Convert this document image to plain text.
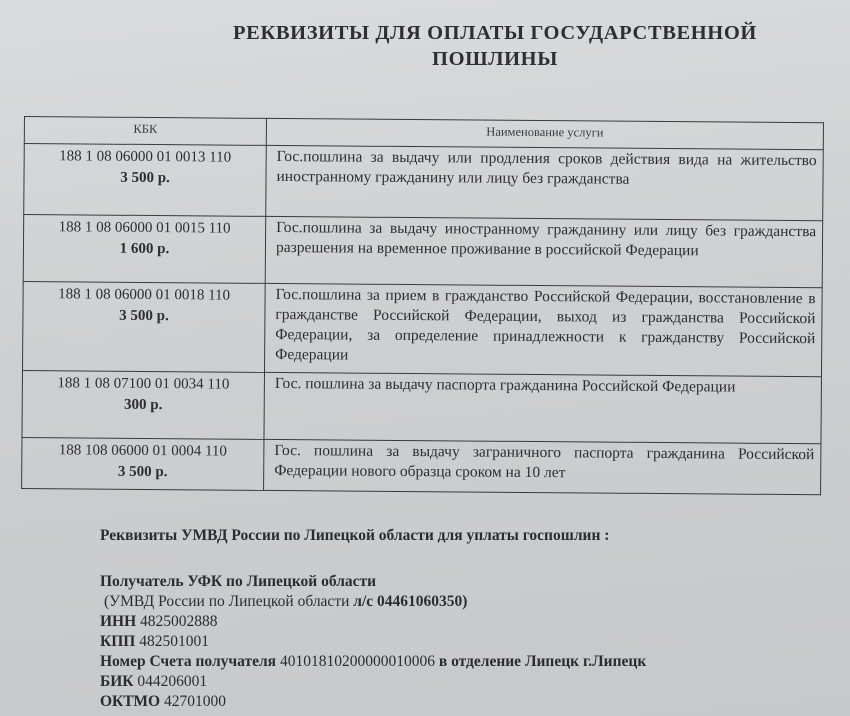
РЕКВИЗИТЫ ДЛЯ ОПЛАТЫ ГОСУДАРСТВЕННОЙ
ПОШЛИНЫ
КБК	Наименование услуги
188 1 08 06000 01 0013 110
3 500 р.	Гос.пошлина за выдачу или продления сроков действия вида на жительство иностранному гражданину или лицу без гражданства
188 1 08 06000 01 0015 110
1 600 р.	Гос.пошлина за выдачу иностранному гражданину или лицу без гражданства разрешения на временное проживание в российской Федерации
188 1 08 06000 01 0018 110
3 500 р.	Гос.пошлина за прием в гражданство Российской Федерации, восстановление в гражданстве Российской Федерации, выход из гражданства Российской Федерации, за определение принадлежности к гражданству Российской Федерации
188 1 08 07100 01 0034 110
300 р.	Гос. пошлина за выдачу паспорта гражданина Российской Федерации
188 108 06000 01 0004 110
3 500 р.	Гос. пошлина за выдачу заграничного паспорта гражданина Российской Федерации нового образца сроком на 10 лет
Реквизиты УМВД России по Липецкой области для уплаты госпошлин :
Получатель УФК по Липецкой области
(УМВД России по Липецкой области л/с 04461060350)
ИНН 4825002888
КПП 482501001
Номер Счета получателя 40101810200000010006 в отделение Липецк г.Липецк
БИК 044206001
ОКТМО 42701000
